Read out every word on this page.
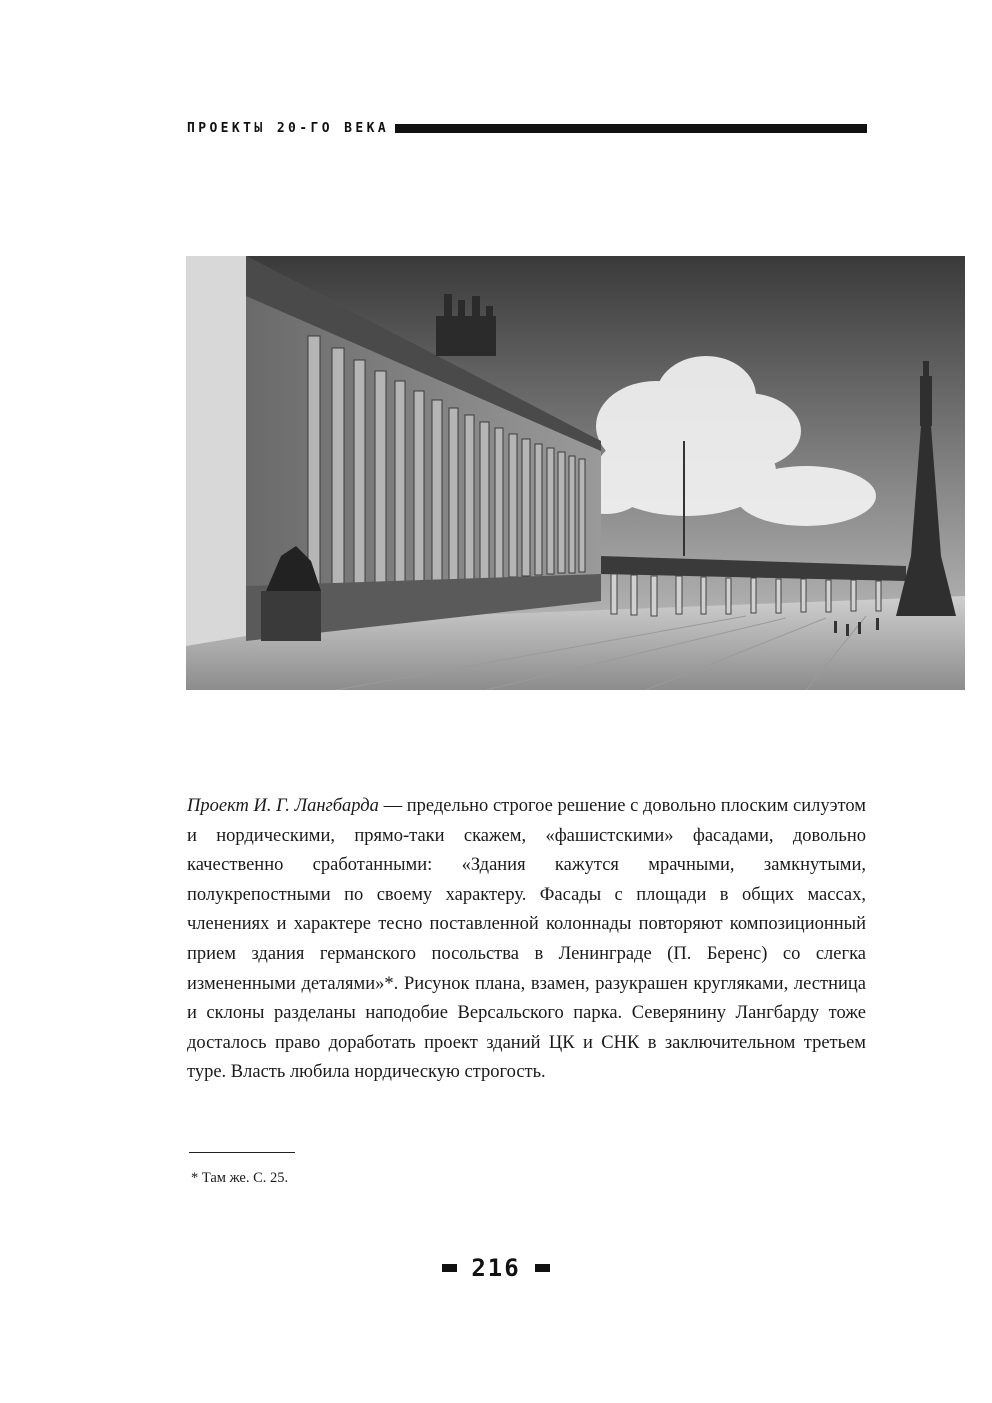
ПРОЕКТЫ 20-ГО ВЕКА

Проект И. Г. Лангбарда — предельно строгое решение с довольно плоским силуэтом и нордическими, прямо-таки скажем, «фашистскими» фасадами, довольно качественно сработанными: «Здания кажутся мрачными, замкнутыми, полукрепостными по своему характеру. Фасады с площади в общих массах, членениях и характере тесно поставленной колоннады повторяют композиционный прием здания германского посольства в Ленинграде (П. Беренс) со слегка измененными деталями»*. Рисунок плана, взамен, разукрашен кругляками, лестница и склоны разделаны наподобие Версальского парка. Северянину Лангбарду тоже досталось право доработать проект зданий ЦК и СНК в заключительном третьем туре. Власть любила нордическую строгость.

* Там же. С. 25.

216
